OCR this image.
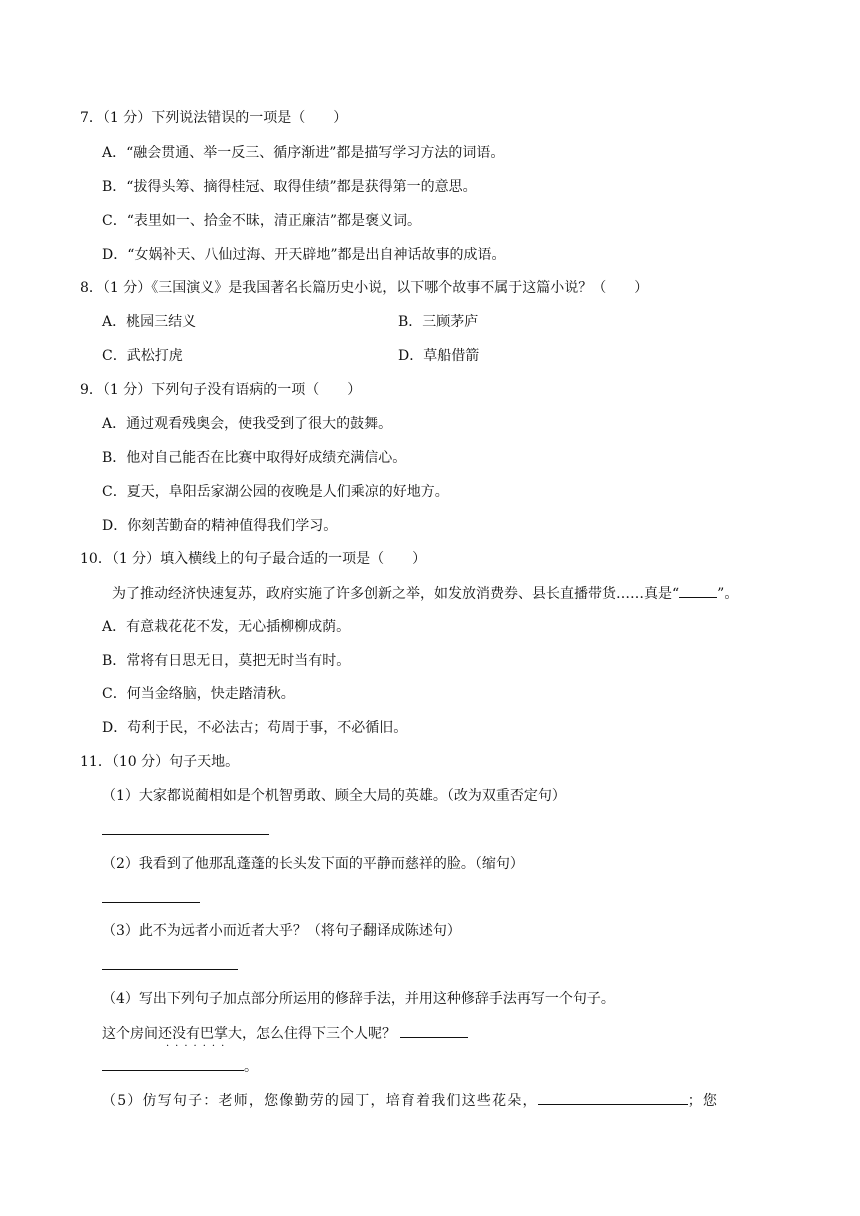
7．（1 分）下列说法错误的一项是（　　）
A．“融会贯通、举一反三、循序渐进”都是描写学习方法的词语。
B．“拔得头筹、摘得桂冠、取得佳绩”都是获得第一的意思。
C．“表里如一、拾金不昧，清正廉洁”都是褒义词。
D．“女娲补天、八仙过海、开天辟地”都是出自神话故事的成语。
8．（1 分）《三国演义》是我国著名长篇历史小说，以下哪个故事不属于这篇小说？（　　）
A．桃园三结义	B．三顾茅庐
C．武松打虎	D．草船借箭
9．（1 分）下列句子没有语病的一项（　　）
A．通过观看残奥会，使我受到了很大的鼓舞。
B．他对自己能否在比赛中取得好成绩充满信心。
C．夏天，阜阳岳家湖公园的夜晚是人们乘凉的好地方。
D．你刻苦勤奋的精神值得我们学习。
10．（1 分）填入横线上的句子最合适的一项是（　　）
为了推动经济快速复苏，政府实施了许多创新之举，如发放消费券、县长直播带货……真是“	”。
A．有意栽花花不发，无心插柳柳成荫。
B．常将有日思无日，莫把无时当有时。
C．何当金络脑，快走踏清秋。
D．苟利于民，不必法古；苟周于事，不必循旧。
11．（10 分）句子天地。
（1）大家都说蔺相如是个机智勇敢、顾全大局的英雄。（改为双重否定句）
（2）我看到了他那乱蓬蓬的长头发下面的平静而慈祥的脸。（缩句）
（3）此不为远者小而近者大乎？（将句子翻译成陈述句）
（4）写出下列句子加点部分所运用的修辞手法，并用这种修辞手法再写一个句子。
这个房间还没有巴掌大，怎么住得下三个人呢？
·······
。
（5）仿写句子：老师，您像勤劳的园丁，培育着我们这些花朵，	；您
